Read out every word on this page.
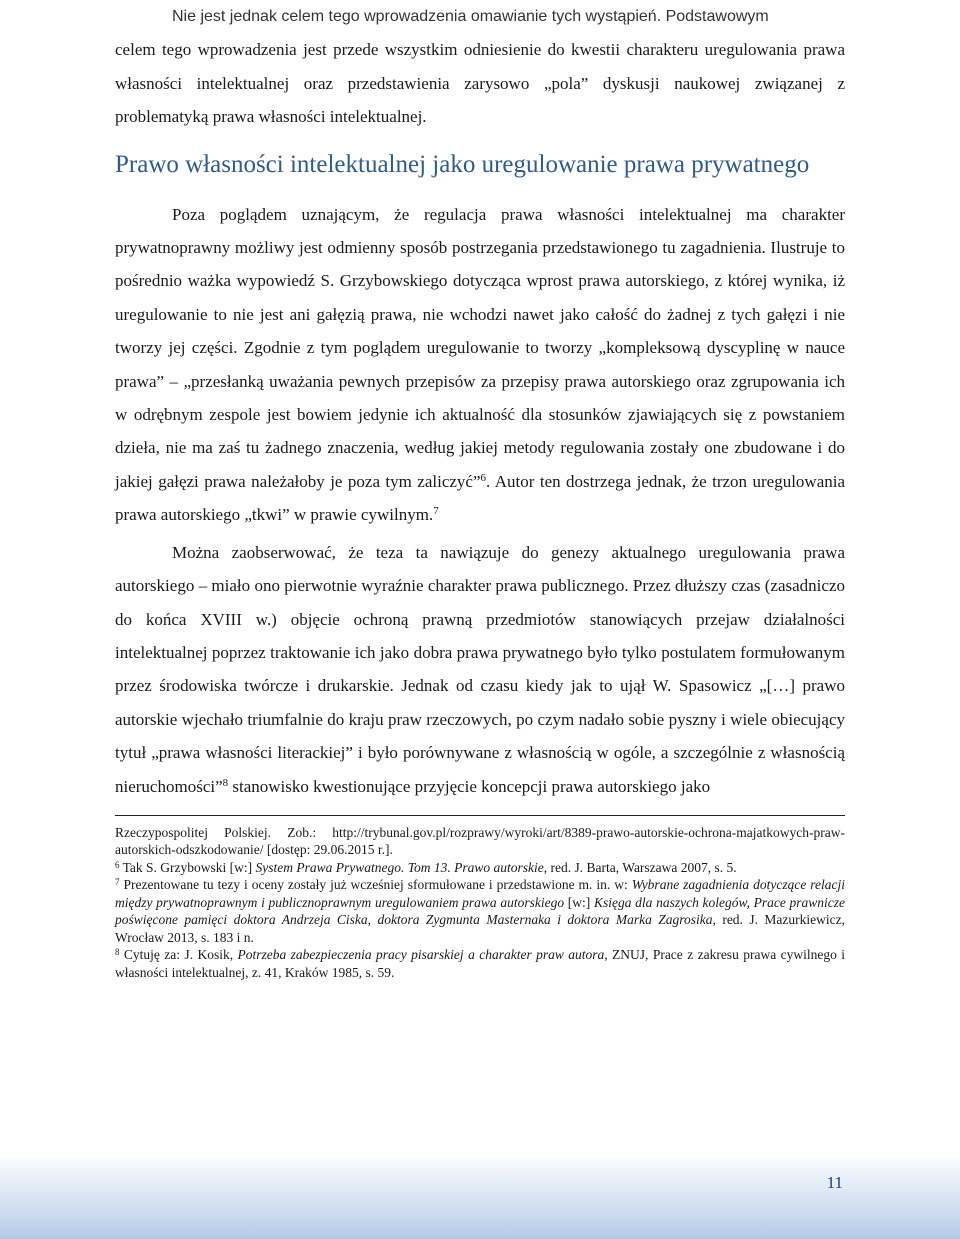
Nie jest jednak celem tego wprowadzenia omawianie tych wystąpień. Podstawowym

celem tego wprowadzenia jest przede wszystkim odniesienie do kwestii charakteru uregulowania prawa własności intelektualnej oraz przedstawienia zarysowo „pola” dyskusji naukowej związanej z problematyką prawa własności intelektualnej.

Prawo własności intelektualnej jako uregulowanie prawa prywatnego

Poza poglądem uznającym, że regulacja prawa własności intelektualnej ma charakter prywatnoprawny możliwy jest odmienny sposób postrzegania przedstawionego tu zagadnienia. Ilustruje to pośrednio ważka wypowiedź S. Grzybowskiego dotycząca wprost prawa autorskiego, z której wynika, iż uregulowanie to nie jest ani gałęzią prawa, nie wchodzi nawet jako całość do żadnej z tych gałęzi i nie tworzy jej części. Zgodnie z tym poglądem uregulowanie to tworzy „kompleksową dyscyplinę w nauce prawa” – „przesłanką uważania pewnych przepisów za przepisy prawa autorskiego oraz zgrupowania ich w odrębnym zespole jest bowiem jedynie ich aktualność dla stosunków zjawiających się z powstaniem dzieła, nie ma zaś tu żadnego znaczenia, według jakiej metody regulowania zostały one zbudowane i do jakiej gałęzi prawa należałoby je poza tym zaliczyć”$^6$. Autor ten dostrzega jednak, że trzon uregulowania prawa autorskiego „tkwi” w prawie cywilnym.$^7$

Można zaobserwować, że teza ta nawiązuje do genezy aktualnego uregulowania prawa autorskiego – miało ono pierwotnie wyraźnie charakter prawa publicznego. Przez dłuższy czas (zasadniczo do końca XVIII w.) objęcie ochroną prawną przedmiotów stanowiących przejaw działalności intelektualnej poprzez traktowanie ich jako dobra prawa prywatnego było tylko postulatem formułowanym przez środowiska twórcze i drukarskie. Jednak od czasu kiedy jak to ujął W. Spasowicz „[…] prawo autorskie wjechało triumfalnie do kraju praw rzeczowych, po czym nadało sobie pyszny i wiele obiecujący tytuł „prawa własności literackiej” i było porównywane z własnością w ogóle, a szczególnie z własnością nieruchomości”$^8$ stanowisko kwestionujące przyjęcie koncepcji prawa autorskiego jako

Rzeczypospolitej Polskiej. Zob.: http://trybunal.gov.pl/rozprawy/wyroki/art/8389-prawo-autorskie-ochrona-majatkowych-praw-autorskich-odszkodowanie/ [dostęp: 29.06.2015 r.].

$^6$ Tak S. Grzybowski [w:] System Prawa Prywatnego. Tom 13. Prawo autorskie, red. J. Barta, Warszawa 2007, s. 5.

$^7$ Prezentowane tu tezy i oceny zostały już wcześniej sformułowane i przedstawione m. in. w: Wybrane zagadnienia dotyczące relacji między prywatnoprawnym i publicznoprawnym uregulowaniem prawa autorskiego [w:] Księga dla naszych kolegów, Prace prawnicze poświęcone pamięci doktora Andrzeja Ciska, doktora Zygmunta Masternaka i doktora Marka Zagrosika, red. J. Mazurkiewicz, Wrocław 2013, s. 183 i n.

$^8$ Cytuję za: J. Kosik, Potrzeba zabezpieczenia pracy pisarskiej a charakter praw autora, ZNUJ, Prace z zakresu prawa cywilnego i własności intelektualnej, z. 41, Kraków 1985, s. 59.

11
